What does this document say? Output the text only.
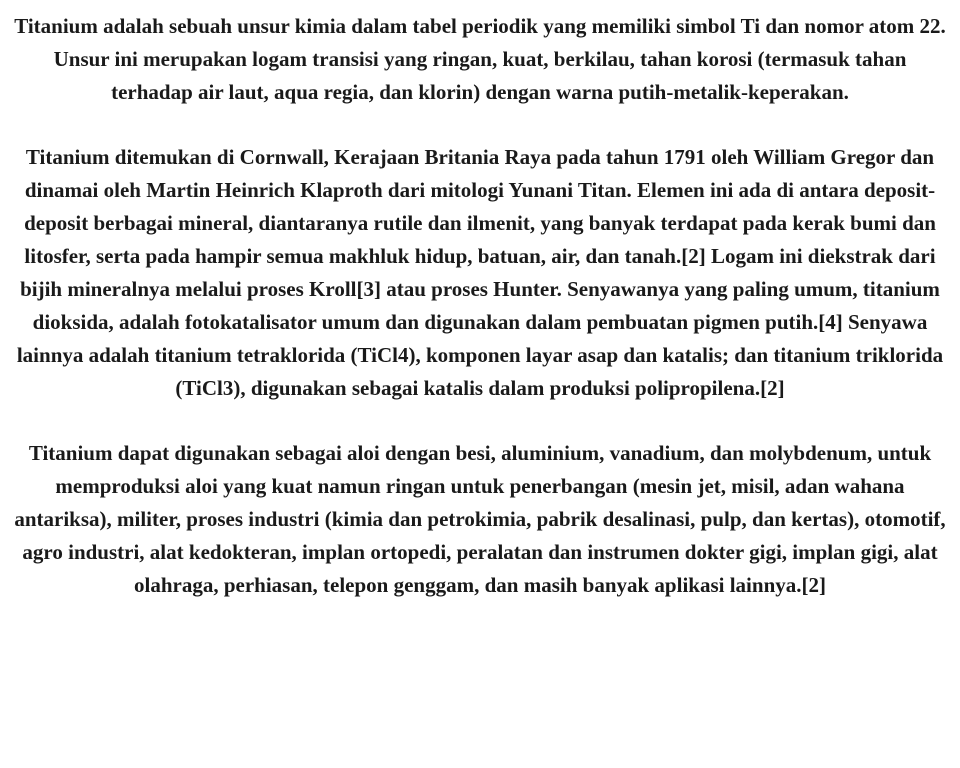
Titanium adalah sebuah unsur kimia dalam tabel periodik yang memiliki simbol Ti dan nomor atom 22. Unsur ini merupakan logam transisi yang ringan, kuat, berkilau, tahan korosi (termasuk tahan terhadap air laut, aqua regia, dan klorin) dengan warna putih-metalik-keperakan.

Titanium ditemukan di Cornwall, Kerajaan Britania Raya pada tahun 1791 oleh William Gregor dan dinamai oleh Martin Heinrich Klaproth dari mitologi Yunani Titan. Elemen ini ada di antara deposit-deposit berbagai mineral, diantaranya rutile dan ilmenit, yang banyak terdapat pada kerak bumi dan litosfer, serta pada hampir semua makhluk hidup, batuan, air, dan tanah.[2] Logam ini diekstrak dari bijih mineralnya melalui proses Kroll[3] atau proses Hunter. Senyawanya yang paling umum, titanium dioksida, adalah fotokatalisator umum dan digunakan dalam pembuatan pigmen putih.[4] Senyawa lainnya adalah titanium tetraklorida (TiCl4), komponen layar asap dan katalis; dan titanium triklorida (TiCl3), digunakan sebagai katalis dalam produksi polipropilena.[2]

Titanium dapat digunakan sebagai aloi dengan besi, aluminium, vanadium, dan molybdenum, untuk memproduksi aloi yang kuat namun ringan untuk penerbangan (mesin jet, misil, adan wahana antariksa), militer, proses industri (kimia dan petrokimia, pabrik desalinasi, pulp, dan kertas), otomotif, agro industri, alat kedokteran, implan ortopedi, peralatan dan instrumen dokter gigi, implan gigi, alat olahraga, perhiasan, telepon genggam, dan masih banyak aplikasi lainnya.[2]
